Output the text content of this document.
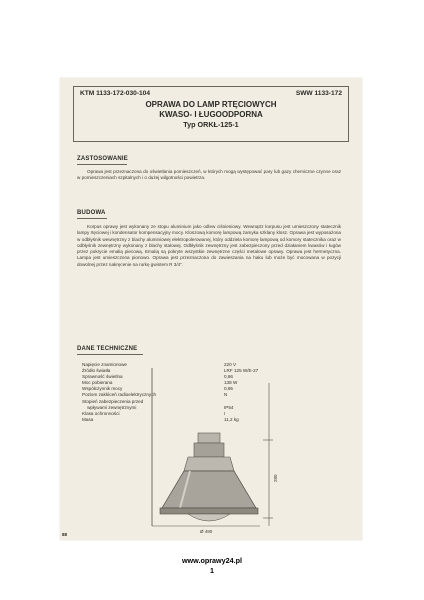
KTM 1133-172-030-104	SWW 1133-172
OPRAWA DO LAMP RTĘCIOWYCH
KWASO- I ŁUGOODPORNA
Typ ORKŁ-125-1
ZASTOSOWANIE
Oprawa jest przeznaczona do oświetlania pomieszczeń, w których mogą występować pary lub gazy chemiczne czynne oraz w pomieszczeniach szpitalnych i o dużej wilgotności powietrza.
BUDOWA
Korpus oprawy jest wykonany ze stopu aluminium jako odlew ciśnieniowy. Wewnątrz korpusu jest umieszczony statecznik lampy rtęciowej i kondensator kompensacyjny mocy. Kloszową komorę lampową zamyka szklany klosz. Oprawa jest wyposażona w odbłyśnik wewnętrzny z blachy aluminiowej elektropolerowanej, który oddziela komorę lampową od komory statecznika oraz w odbłyśnik zewnętrzny wykonany z blachy stalowej. Odbłyśnik zewnętrzny jest zabezpieczony przed działaniem kwasów i ługów przez pokrycie emalią piecową. Emalią są pokryte wszystkie zewnętrzne części metalowe oprawy. Oprawa jest hermetyczna. Lampa jest umieszczona pionowo. Oprawa jest przeznaczona do zawieszania na haku lub może być mocowana w pozycji dowolnej przez nakręcenie na rurkę gwintem R 3/4".
DANE TECHNICZNE
Napięcie znamionowe	220 V
Źródło światła	LRF 125 W/E-27
Sprawność świetlna	0,66
Moc pobierana	138 W
Współczynnik mocy	0,95
Poziom zakłóceń radioelektrycznych	N
Stopień zabezpieczenia przed
wpływami zewnętrznymi	IP54
Klasa ochronności	I
Masa	11,2 kg
280
Ø 490
88
www.oprawy24.pl
1
